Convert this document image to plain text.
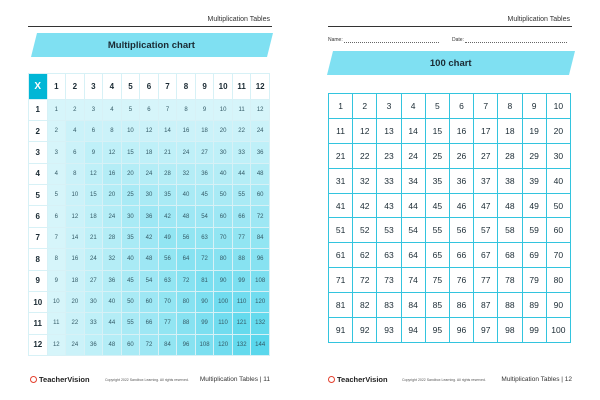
Multiplication Tables
Multiplication chart
X	1	2	3	4	5	6	7	8	9	10	11	12
1	1	2	3	4	5	6	7	8	9	10	11	12
2	2	4	6	8	10	12	14	16	18	20	22	24
3	3	6	9	12	15	18	21	24	27	30	33	36
4	4	8	12	16	20	24	28	32	36	40	44	48
5	5	10	15	20	25	30	35	40	45	50	55	60
6	6	12	18	24	30	36	42	48	54	60	66	72
7	7	14	21	28	35	42	49	56	63	70	77	84
8	8	16	24	32	40	48	56	64	72	80	88	96
9	9	18	27	36	45	54	63	72	81	90	99	108
10	10	20	30	40	50	60	70	80	90	100	110	120
11	11	22	33	44	55	66	77	88	99	110	121	132
12	12	24	36	48	60	72	84	96	108	120	132	144
TeacherVision	Copyright 2022 Sandbox Learning. All rights reserved. Multiplication Tables | 11
Multiplication Tables
Name:	Date:
100 chart
1	2	3	4	5	6	7	8	9	10
11	12	13	14	15	16	17	18	19	20
21	22	23	24	25	26	27	28	29	30
31	32	33	34	35	36	37	38	39	40
41	42	43	44	45	46	47	48	49	50
51	52	53	54	55	56	57	58	59	60
61	62	63	64	65	66	67	68	69	70
71	72	73	74	75	76	77	78	79	80
81	82	83	84	85	86	87	88	89	90
91	92	93	94	95	96	97	98	99	100
TeacherVision	Copyright 2022 Sandbox Learning. All rights reserved. Multiplication Tables | 12
